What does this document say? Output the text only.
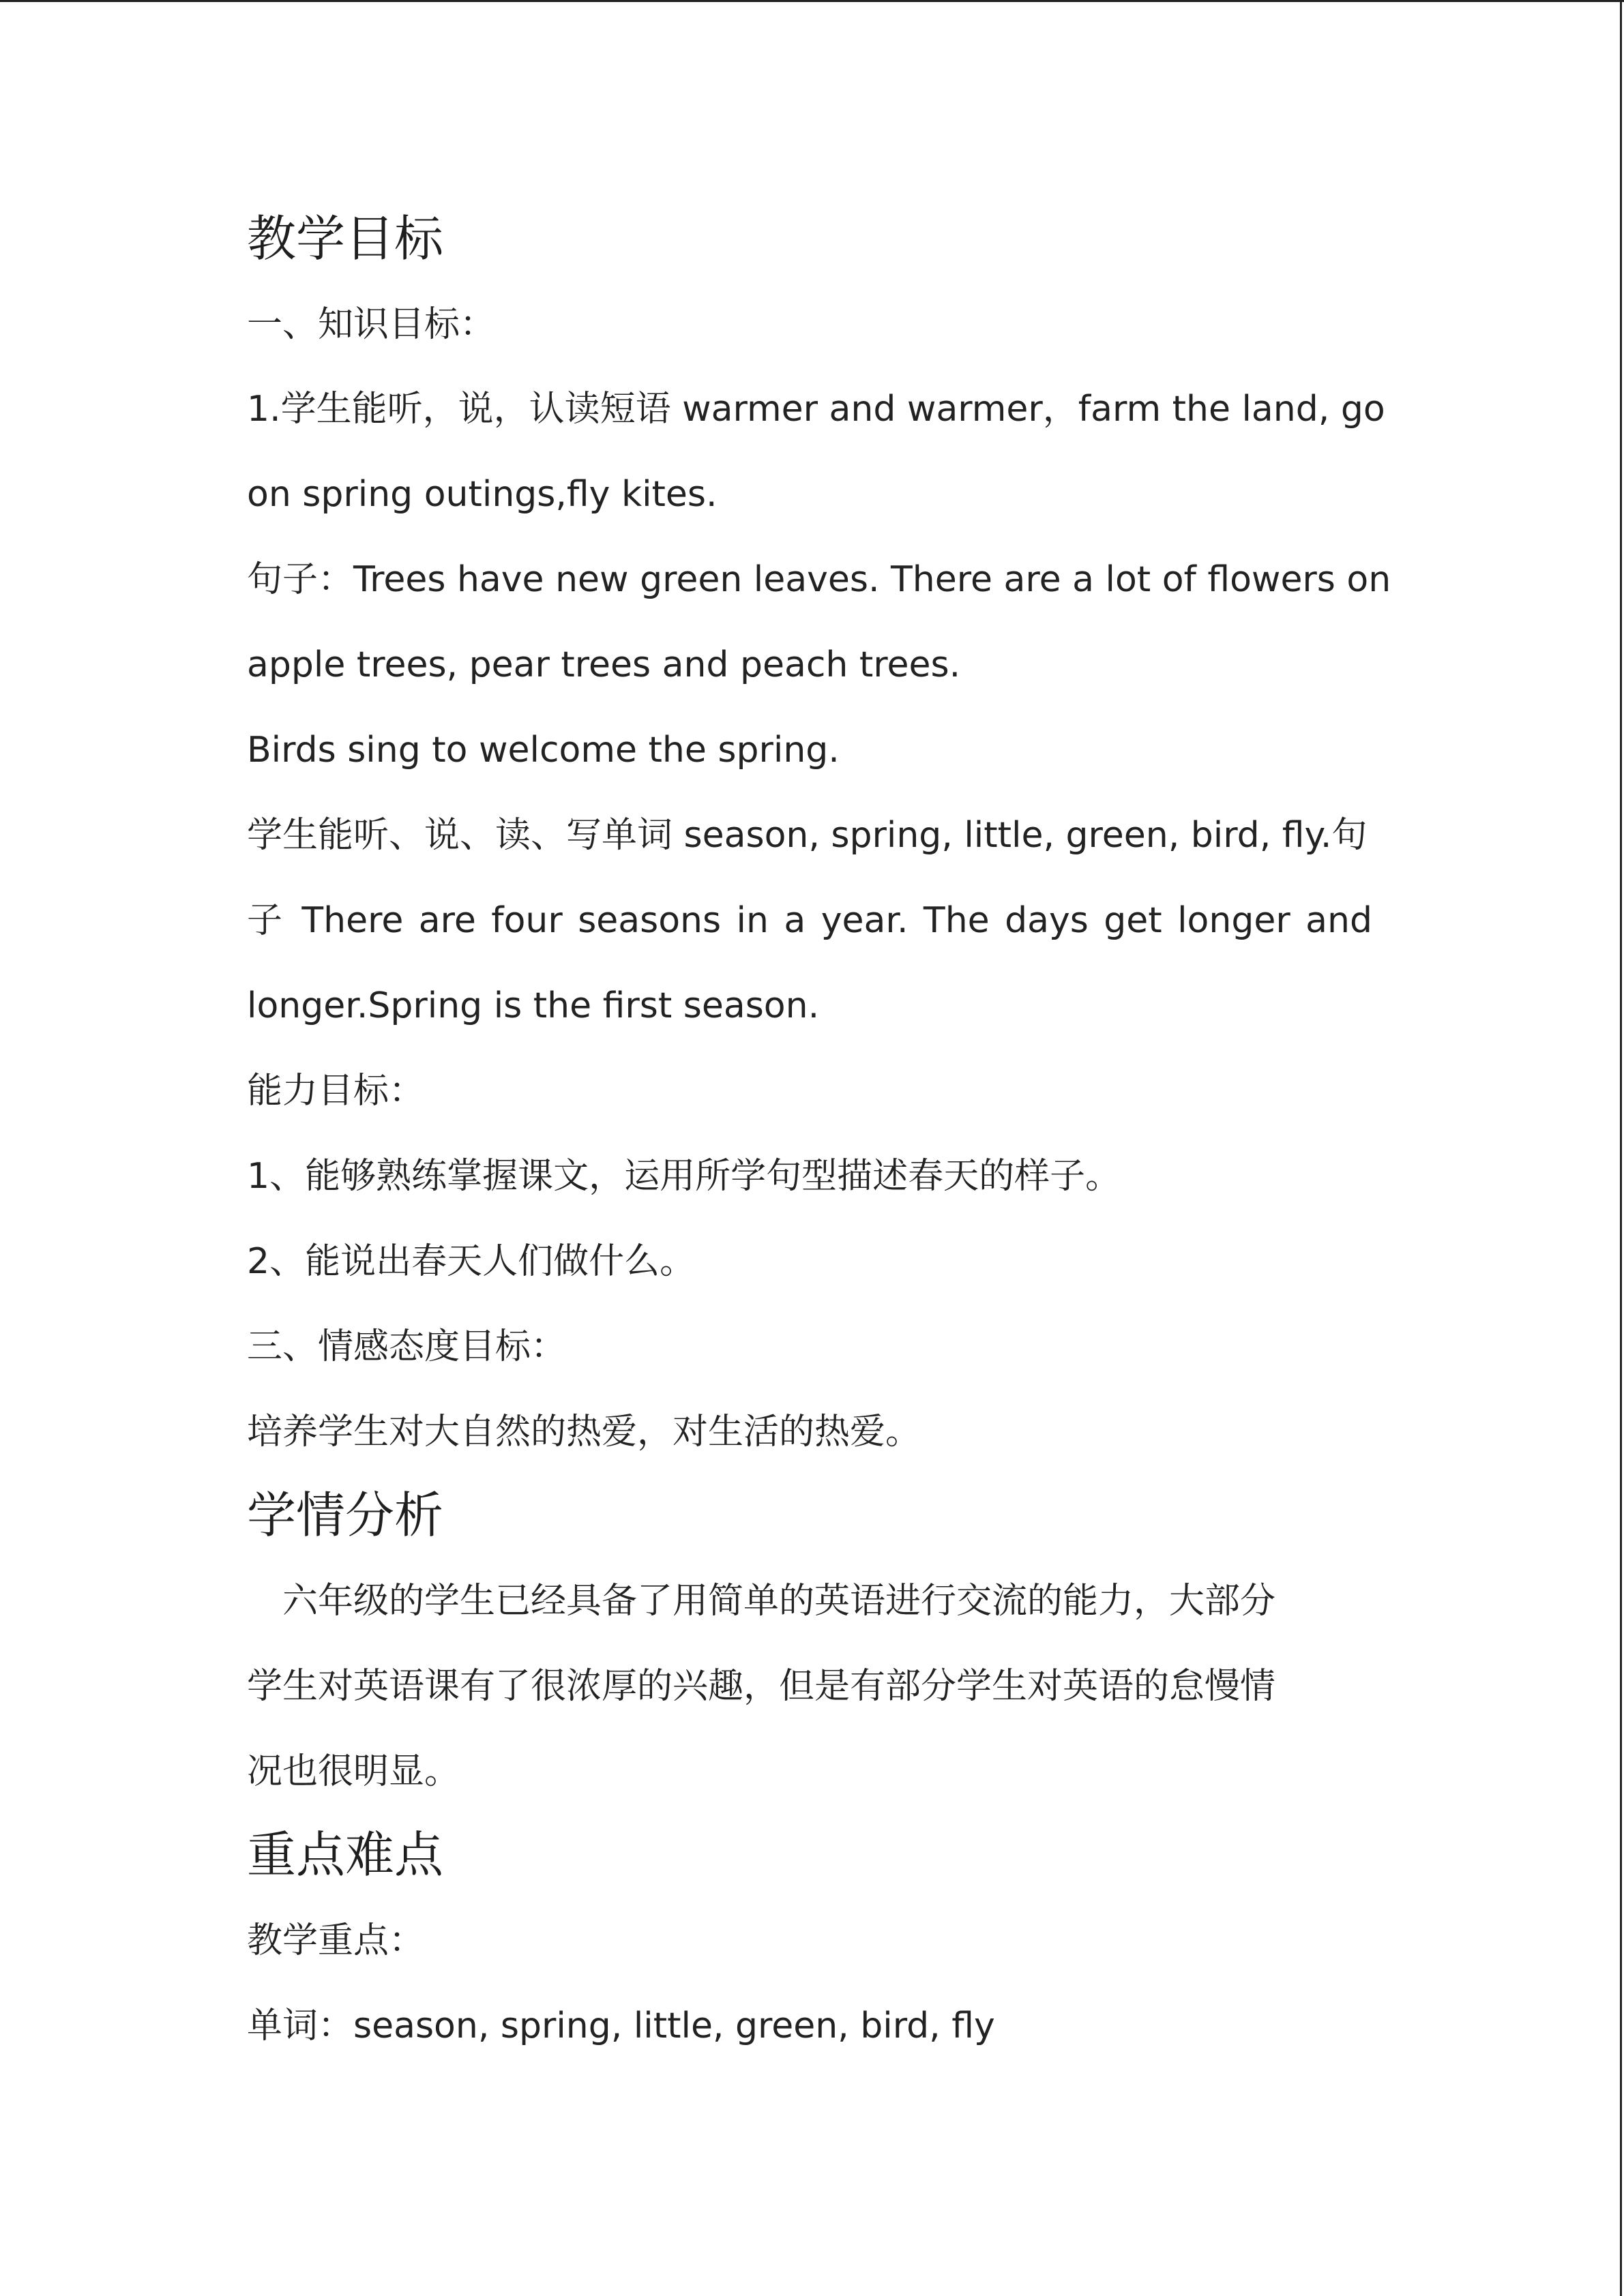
教学目标
一、知识目标：
1.学生能听，说，认读短语 warmer and warmer，farm the land, go
on spring outings,fly kites.
句子：Trees have new green leaves. There are a lot of flowers on
apple trees, pear trees and peach trees.
Birds sing to welcome the spring.
学生能听、说、读、写单词 season, spring, little, green, bird, fly.句
子 There are four seasons in a year. The days get longer and
longer.Spring is the first season.
能力目标：
1、能够熟练掌握课文，运用所学句型描述春天的样子。
2、能说出春天人们做什么。
三、情感态度目标：
培养学生对大自然的热爱，对生活的热爱。
学情分析
　六年级的学生已经具备了用简单的英语进行交流的能力，大部分
学生对英语课有了很浓厚的兴趣，但是有部分学生对英语的怠慢情
况也很明显。
重点难点
教学重点：
单词：season, spring, little, green, bird, fly
